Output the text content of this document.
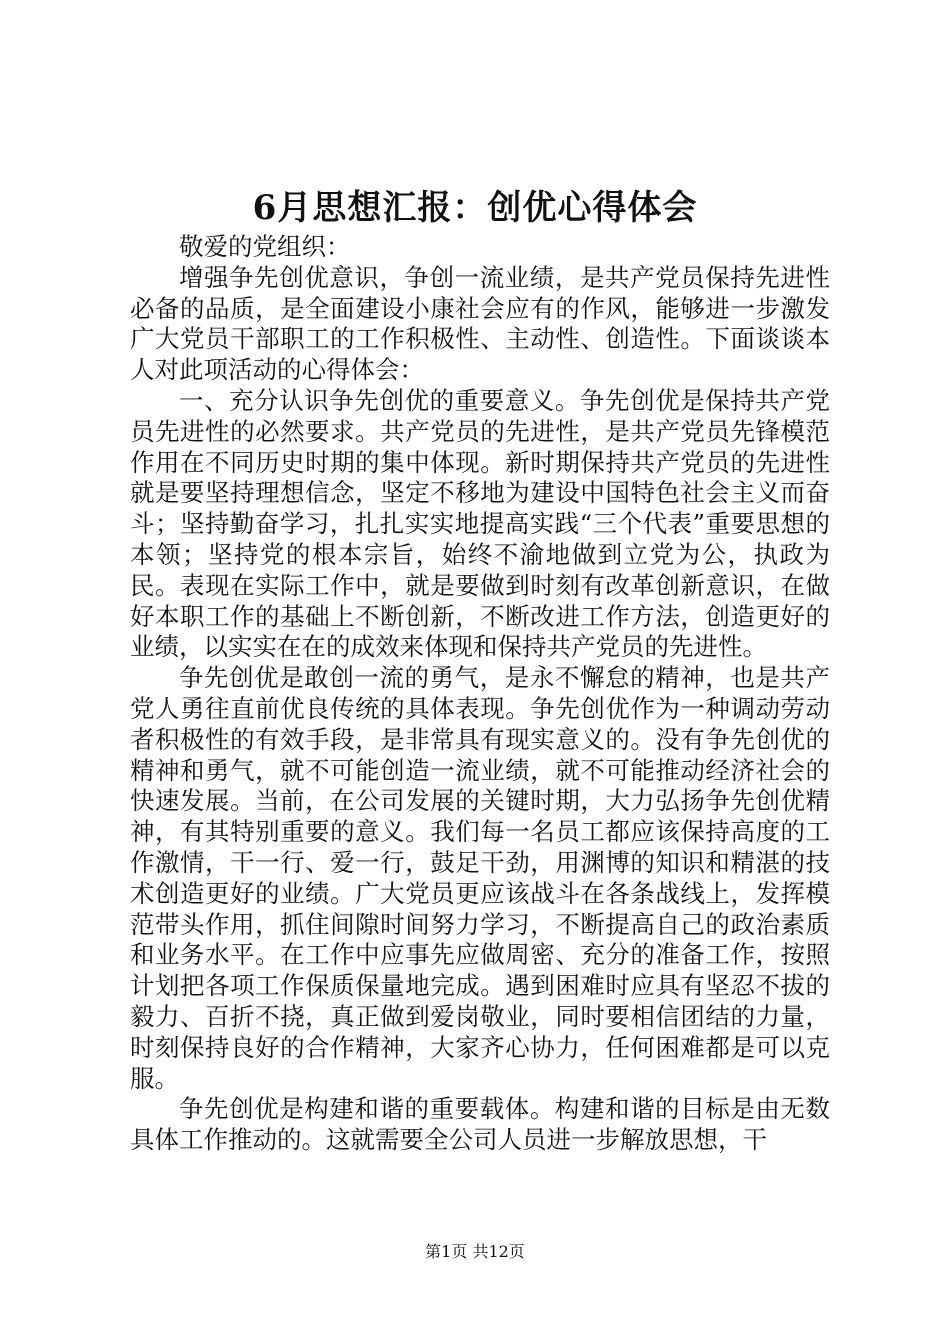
6月思想汇报：创优心得体会

敬爱的党组织：

增强争先创优意识，争创一流业绩，是共产党员保持先进性必备的品质，是全面建设小康社会应有的作风，能够进一步激发广大党员干部职工的工作积极性、主动性、创造性。下面谈谈本人对此项活动的心得体会：

一、充分认识争先创优的重要意义。争先创优是保持共产党员先进性的必然要求。共产党员的先进性，是共产党员先锋模范作用在不同历史时期的集中体现。新时期保持共产党员的先进性就是要坚持理想信念，坚定不移地为建设中国特色社会主义而奋斗；坚持勤奋学习，扎扎实实地提高实践“三个代表”重要思想的本领；坚持党的根本宗旨，始终不渝地做到立党为公，执政为民。表现在实际工作中，就是要做到时刻有改革创新意识，在做好本职工作的基础上不断创新，不断改进工作方法，创造更好的业绩，以实实在在的成效来体现和保持共产党员的先进性。

争先创优是敢创一流的勇气，是永不懈怠的精神，也是共产党人勇往直前优良传统的具体表现。争先创优作为一种调动劳动者积极性的有效手段，是非常具有现实意义的。没有争先创优的精神和勇气，就不可能创造一流业绩，就不可能推动经济社会的快速发展。当前，在公司发展的关键时期，大力弘扬争先创优精神，有其特别重要的意义。我们每一名员工都应该保持高度的工作激情，干一行、爱一行，鼓足干劲，用渊博的知识和精湛的技术创造更好的业绩。广大党员更应该战斗在各条战线上，发挥模范带头作用，抓住间隙时间努力学习，不断提高自己的政治素质和业务水平。在工作中应事先应做周密、充分的准备工作，按照计划把各项工作保质保量地完成。遇到困难时应具有坚忍不拔的毅力、百折不挠，真正做到爱岗敬业，同时要相信团结的力量，时刻保持良好的合作精神，大家齐心协力，任何困难都是可以克服。

争先创优是构建和谐的重要载体。构建和谐的目标是由无数具体工作推动的。这就需要全公司人员进一步解放思想，干

第1页 共12页
